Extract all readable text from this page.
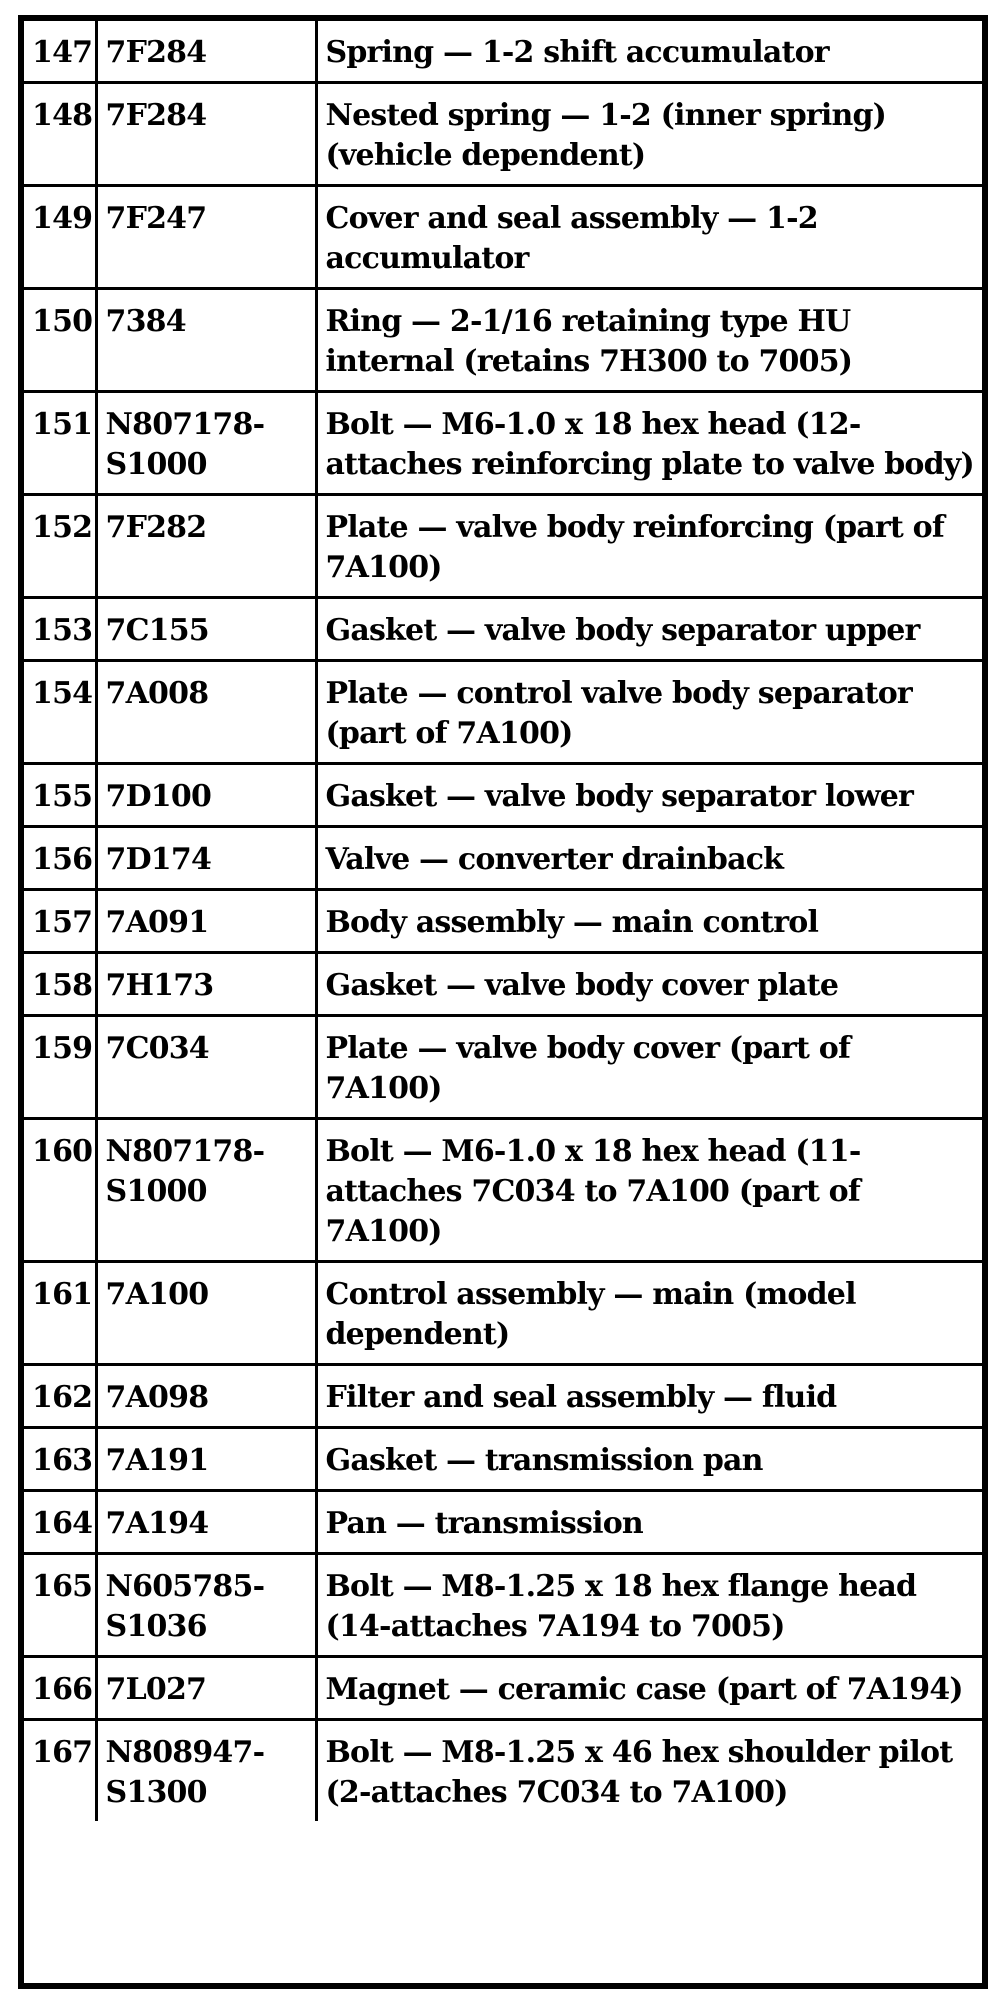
147	7F284	Spring — 1-2 shift accumulator
148	7F284	Nested spring — 1-2 (inner spring) (vehicle dependent)
149	7F247	Cover and seal assembly — 1-2 accumulator
150	7384	Ring — 2-1/16 retaining type HU internal (retains 7H300 to 7005)
151	N807178-S1000	Bolt — M6-1.0 x 18 hex head (12-attaches reinforcing plate to valve body)
152	7F282	Plate — valve body reinforcing (part of 7A100)
153	7C155	Gasket — valve body separator upper
154	7A008	Plate — control valve body separator (part of 7A100)
155	7D100	Gasket — valve body separator lower
156	7D174	Valve — converter drainback
157	7A091	Body assembly — main control
158	7H173	Gasket — valve body cover plate
159	7C034	Plate — valve body cover (part of 7A100)
160	N807178-S1000	Bolt — M6-1.0 x 18 hex head (11-attaches 7C034 to 7A100 (part of 7A100)
161	7A100	Control assembly — main (model dependent)
162	7A098	Filter and seal assembly — fluid
163	7A191	Gasket — transmission pan
164	7A194	Pan — transmission
165	N605785-S1036	Bolt — M8-1.25 x 18 hex flange head (14-attaches 7A194 to 7005)
166	7L027	Magnet — ceramic case (part of 7A194)
167	N808947-S1300	Bolt — M8-1.25 x 46 hex shoulder pilot (2-attaches 7C034 to 7A100)
